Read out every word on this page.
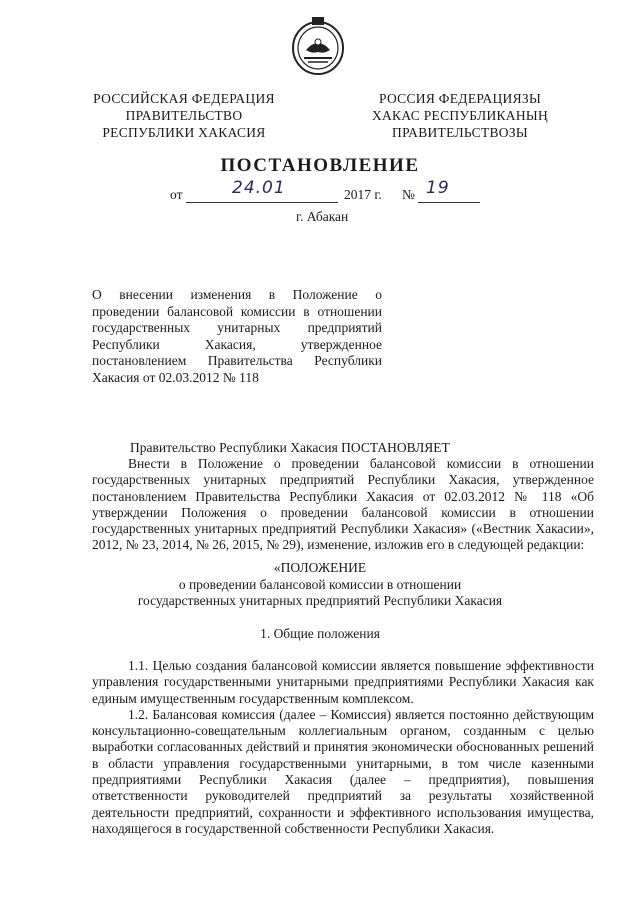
РОССИЙСКАЯ ФЕДЕРАЦИЯ
ПРАВИТЕЛЬСТВО
РЕСПУБЛИКИ ХАКАСИЯ
РОССИЯ ФЕДЕРАЦИЯЗЫ
ХАКАС РЕСПУБЛИКАНЫҢ
ПРАВИТЕЛЬСТВОЗЫ
ПОСТАНОВЛЕНИЕ
от	24.01	2017 г. № 19
г. Абакан
О внесении изменения в Положение о проведении балансовой комиссии в отношении государственных унитарных предприятий Республики Хакасия, утвержденное постановлением Правительства Республики Хакасия от 02.03.2012 № 118
Правительство Республики Хакасия ПОСТАНОВЛЯЕТ

Внести в Положение о проведении балансовой комиссии в отношении государственных унитарных предприятий Республики Хакасия, утвержденное постановлением Правительства Республики Хакасия от 02.03.2012 № 118 «Об утверждении Положения о проведении балансовой комиссии в отношении государственных унитарных предприятий Республики Хакасия» («Вестник Хакасии», 2012, № 23, 2014, № 26, 2015, № 29), изменение, изложив его в следующей редакции:

«ПОЛОЖЕНИЕ
о проведении балансовой комиссии в отношении
государственных унитарных предприятий Республики Хакасия
1. Общие положения

1.1. Целью создания балансовой комиссии является повышение эффективности управления государственными унитарными предприятиями Республики Хакасия как единым имущественным государственным комплексом.

1.2. Балансовая комиссия (далее – Комиссия) является постоянно действующим консультационно-совещательным коллегиальным органом, созданным с целью выработки согласованных действий и принятия экономически обоснованных решений в области управления государственными унитарными, в том числе казенными предприятиями Республики Хакасия (далее – предприятия), повышения ответственности руководителей предприятий за результаты хозяйственной деятельности предприятий, сохранности и эффективного использования имущества, находящегося в государственной собственности Республики Хакасия.
